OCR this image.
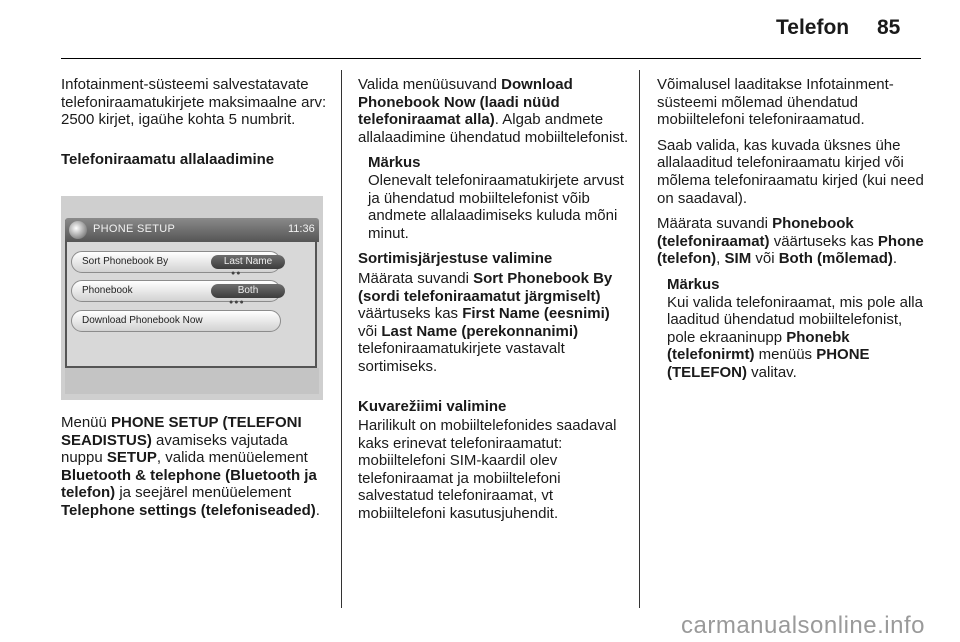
Telefon 85

Infotainment-süsteemi salvestatavate telefoniraamatukirjete maksimaalne arv: 2500 kirjet, igaühe kohta 5 numbrit.

Telefoniraamatu allalaadimine

PHONE SETUP	11:36
Sort Phonebook By	Last Name
●●
Phonebook	Both
●●●
Download Phonebook Now

Menüü PHONE SETUP (TELEFONI SEADISTUS) avamiseks vajutada nuppu SETUP, valida menüüelement Bluetooth & telephone (Bluetooth ja telefon) ja seejärel menüüelement Telephone settings (telefoniseaded).

Valida menüüsuvand Download Phonebook Now (laadi nüüd telefoniraamat alla). Algab andmete allalaadimine ühendatud mobiiltelefonist.

Märkus

Olenevalt telefoniraamatukirjete arvust ja ühendatud mobiiltelefonist võib andmete allalaadimiseks kuluda mõni minut.

Sortimisjärjestuse valimine

Määrata suvandi Sort Phonebook By (sordi telefoniraamatut järgmiselt) väärtuseks kas First Name (eesnimi) või Last Name (perekonnanimi) telefoniraamatukirjete vastavalt sortimiseks.

Kuvarežiimi valimine

Harilikult on mobiiltelefonides saadaval kaks erinevat telefoniraamatut: mobiiltelefoni SIM-kaardil olev telefoniraamat ja mobiiltelefoni salvestatud telefoniraamat, vt mobiiltelefoni kasutusjuhendit.

Võimalusel laaditakse Infotainment-süsteemi mõlemad ühendatud mobiiltelefoni telefoniraamatud.

Saab valida, kas kuvada üksnes ühe allalaaditud telefoniraamatu kirjed või mõlema telefoniraamatu kirjed (kui need on saadaval).

Määrata suvandi Phonebook (telefoniraamat) väärtuseks kas Phone (telefon), SIM või Both (mõlemad).

Märkus

Kui valida telefoniraamat, mis pole alla laaditud ühendatud mobiiltelefonist, pole ekraaninupp Phonebk (telefonirmt) menüüs PHONE (TELEFON) valitav.

carmanualsonline.info
